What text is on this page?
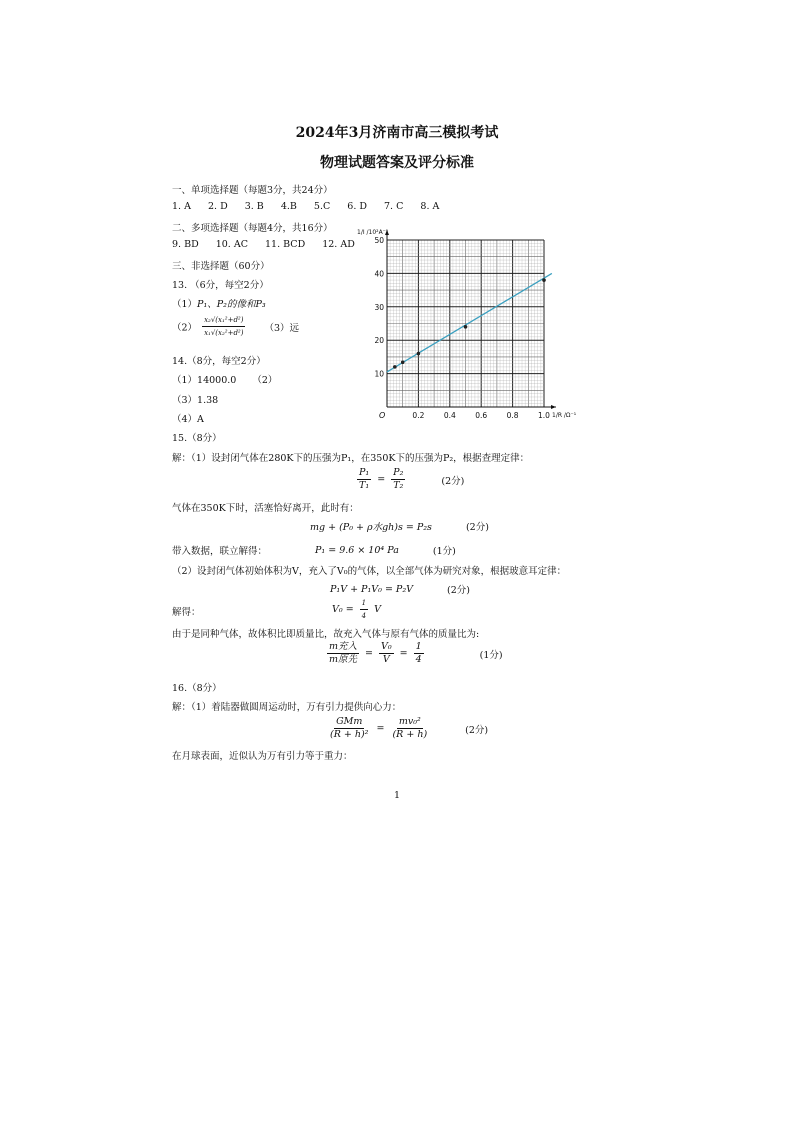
2024年3月济南市高三模拟考试
物理试题答案及评分标准
一、单项选择题（每题3分，共24分）
1. A 2. D 3. B 4.B 5.C 6. D 7. C 8. A
二、多项选择题（每题4分，共16分）
9. BD 10. AC 11. BCD 12. AD
三、非选择题（60分）
13. （6分，每空2分）
（1）P₁、P₂的像和P₃
$(2) \frac{\text{x₂√(x₁²+d²)}}{\text{x₁√(x₂²+d²)}} (3)$远
14.（8分，每空2分）
（1）14000.0 （2）
（3）1.38
（4）A
15.（8分）
解：（1）设封闭气体在280K下的压强为P₁，在350K下的压强为P₂，根据查理定律：
$\frac{\text{P₁}}{\text{T₁}} = \frac{\text{P₂}}{\text{T₂}}$	(2分)
气体在350K下时，活塞恰好离开，此时有：
mg + (P₀ + ρ水gh)s = P₂s	(2分)
带入数据，联立解得：	P₁ = 9.6 × 10⁴ Pa	(1分)
（2）设封闭气体初始体积为V，充入了V₀的气体，以全部气体为研究对象，根据玻意耳定律：
P₁V + P₁V₀ = P₂V	(2分)
解得：	$V_0 = \frac{1}{4}$ V
由于是同种气体，故体积比即质量比，故充入气体与原有气体的质量比为:
$\frac{\text{m充入}}{\text{m原先}} = \frac{\text{V₀}}{V} = \frac{1}{4}$	(1分)
16.（8分）
解：（1）着陆器做圆周运动时，万有引力提供向心力：
$\frac{\text{GMm}}{\text{(R + h)²}} = \frac{\text{mv₀²}}{(R + h)}$	(2分)
在月球表面，近似认为万有引力等于重力：
1
0.2	0.4	0.6	0.8	1.0
10
20
30
40
50
O
1/I /10²A⁻¹
1/R /Ω⁻¹
